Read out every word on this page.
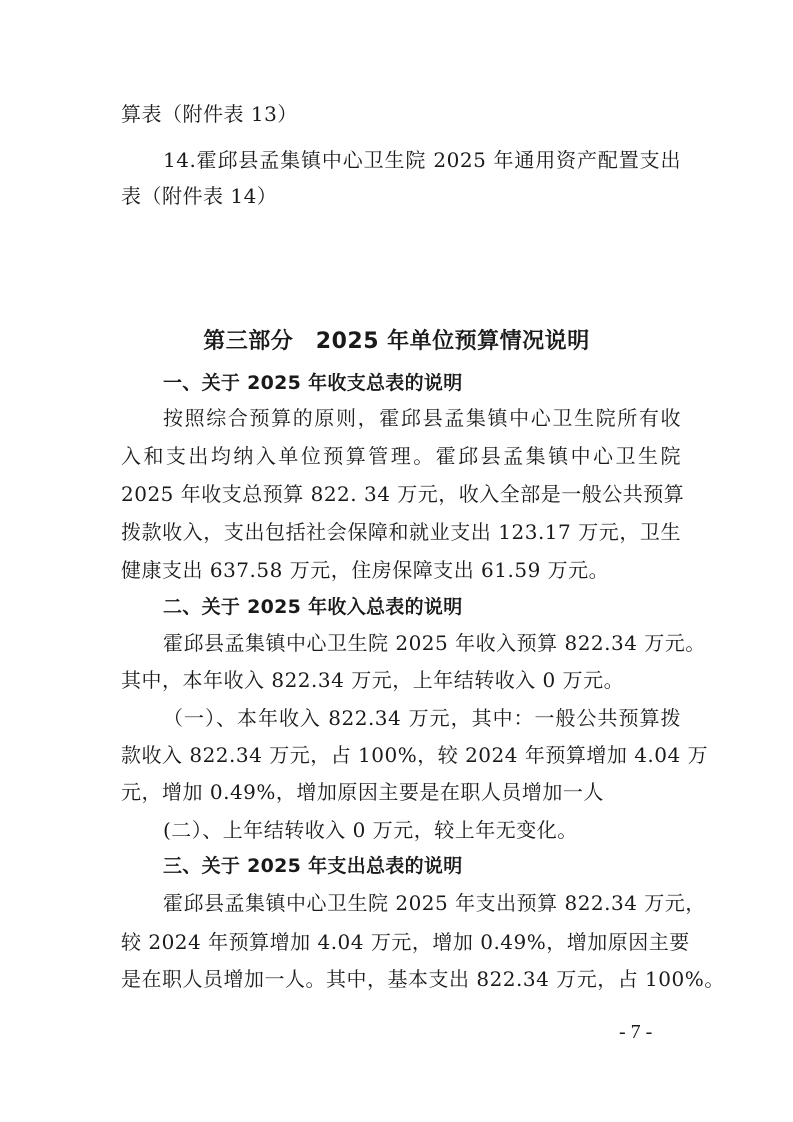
算表（附件表 13）
14.霍邱县孟集镇中心卫生院 2025 年通用资产配置支出
表（附件表 14）
第三部分　2025 年单位预算情况说明
一、关于 2025 年收支总表的说明
按照综合预算的原则，霍邱县孟集镇中心卫生院所有收
入和支出均纳入单位预算管理。霍邱县孟集镇中心卫生院
2025 年收支总预算 822. 34 万元，收入全部是一般公共预算
拨款收入，支出包括社会保障和就业支出 123.17 万元，卫生
健康支出 637.58 万元，住房保障支出 61.59 万元。
二、关于 2025 年收入总表的说明
霍邱县孟集镇中心卫生院 2025 年收入预算 822.34 万元。
其中，本年收入 822.34 万元，上年结转收入 0 万元。
（一）、本年收入 822.34 万元，其中：一般公共预算拨
款收入 822.34 万元，占 100%，较 2024 年预算增加 4.04 万
元，增加 0.49%，增加原因主要是在职人员增加一人
(二）、上年结转收入 0 万元，较上年无变化。
三、关于 2025 年支出总表的说明
霍邱县孟集镇中心卫生院 2025 年支出预算 822.34 万元，
较 2024 年预算增加 4.04 万元，增加 0.49%，增加原因主要
是在职人员增加一人。其中，基本支出 822.34 万元，占 100%。
- 7 -
